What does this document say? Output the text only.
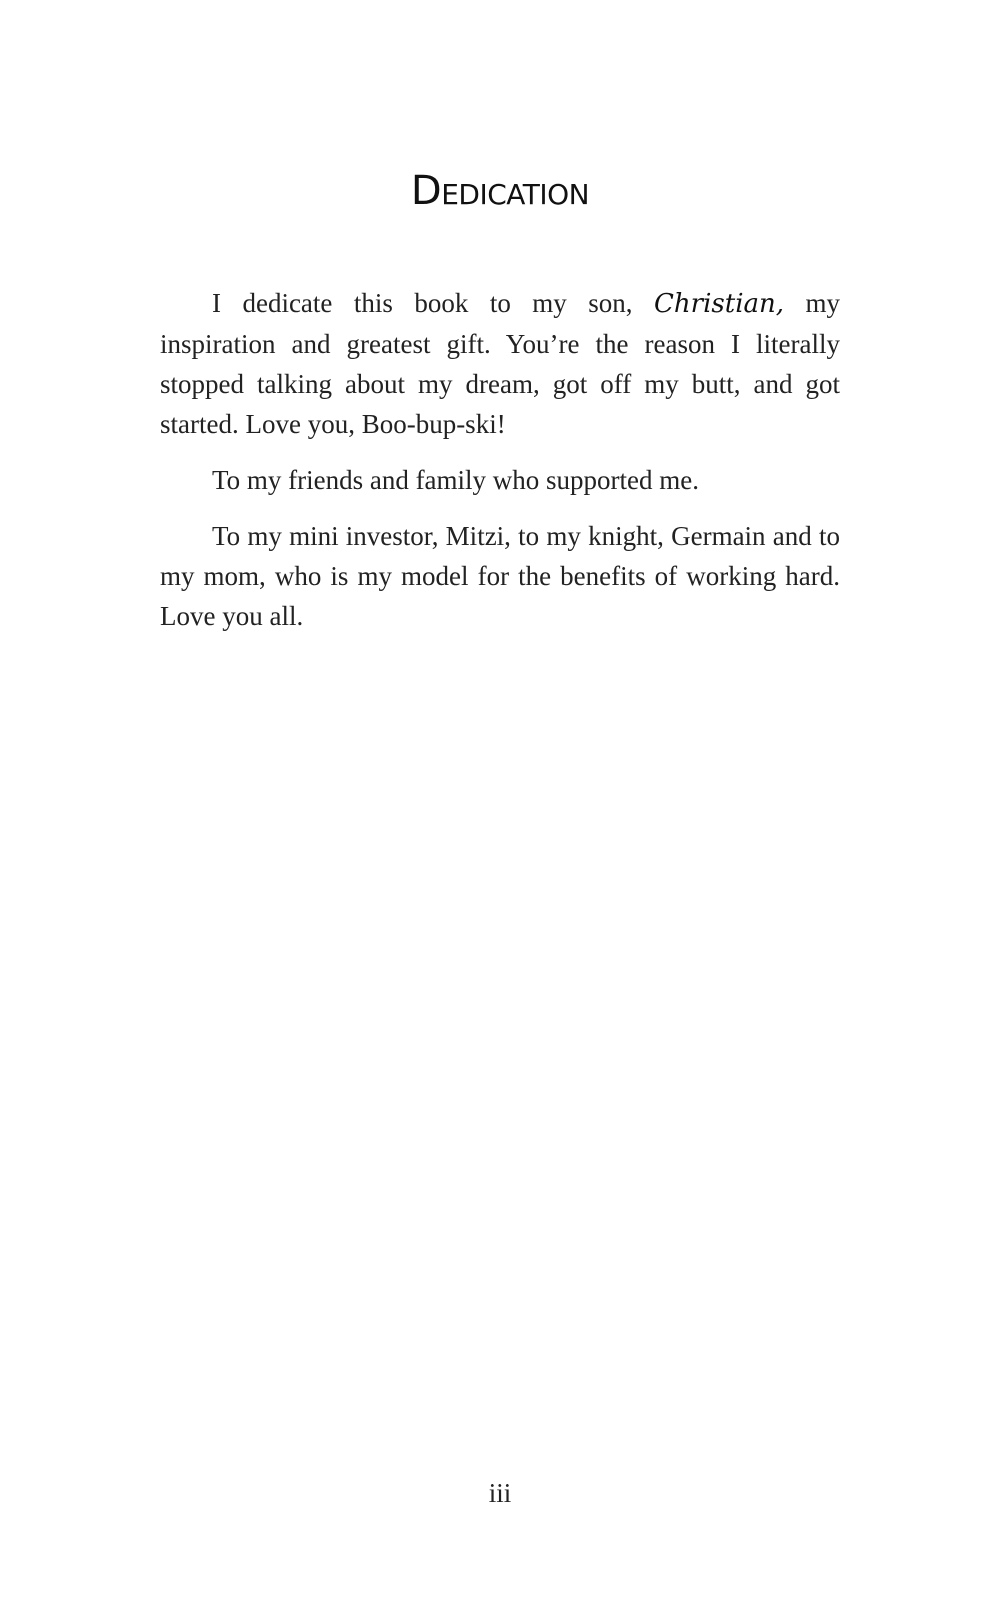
Dedication

I dedicate this book to my son, Christian, my inspiration and greatest gift. You’re the reason I literally stopped talking about my dream, got off my butt, and got started. Love you, Boo-bup-ski!

To my friends and family who supported me.

To my mini investor, Mitzi, to my knight, Germain and to my mom, who is my model for the benefits of working hard. Love you all.

iii
